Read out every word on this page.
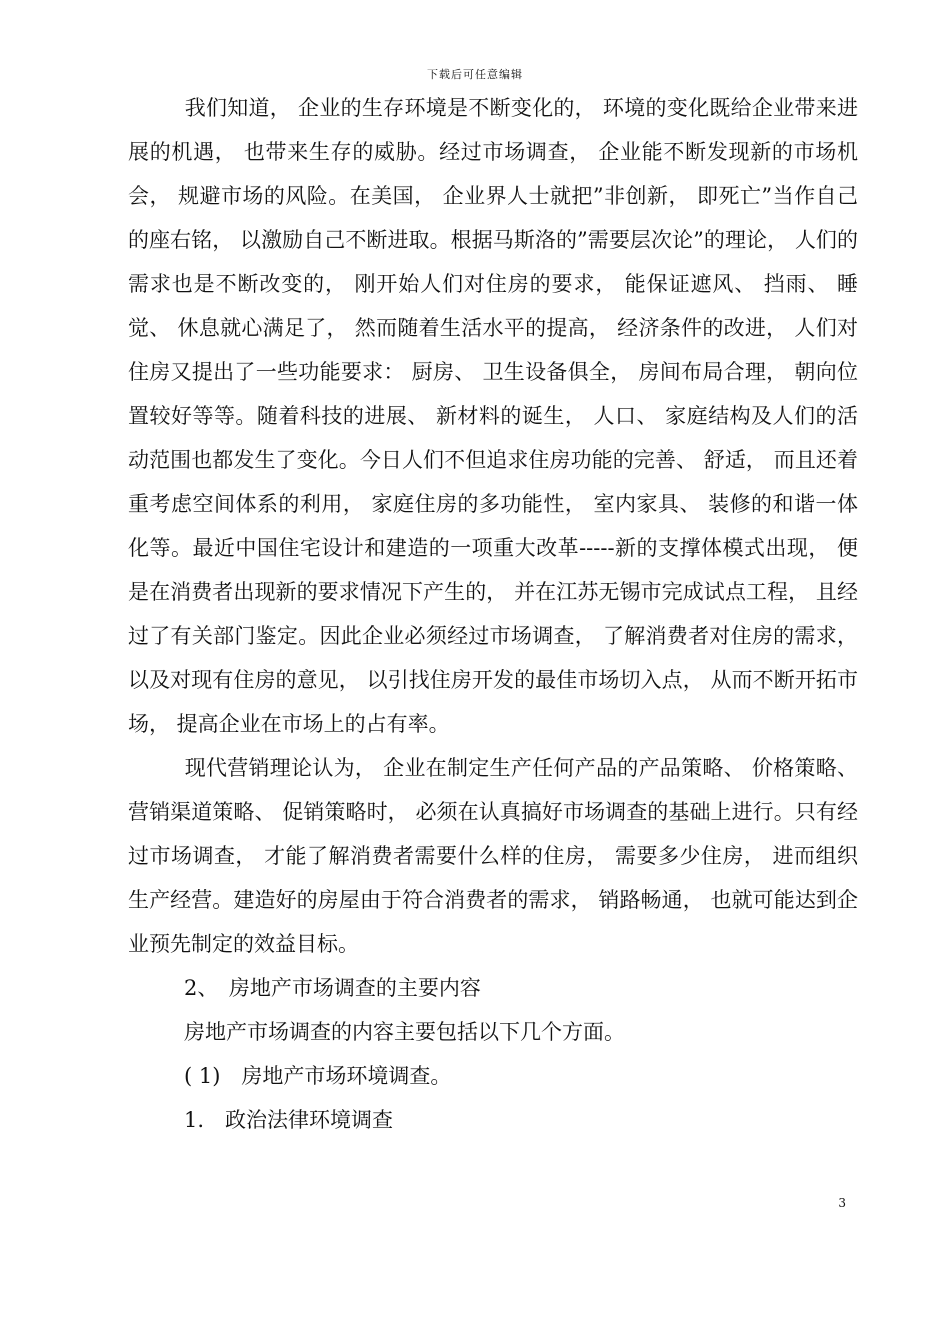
下载后可任意编辑

我们知道， 企业的生存环境是不断变化的， 环境的变化既给企业带来进展的机遇， 也带来生存的威胁。经过市场调查， 企业能不断发现新的市场机会， 规避市场的风险。在美国， 企业界人士就把”非创新， 即死亡”当作自己的座右铭， 以激励自己不断进取。根据马斯洛的”需要层次论”的理论， 人们的需求也是不断改变的， 刚开始人们对住房的要求， 能保证遮风、 挡雨、 睡觉、 休息就心满足了， 然而随着生活水平的提高， 经济条件的改进， 人们对住房又提出了一些功能要求： 厨房、 卫生设备俱全， 房间布局合理， 朝向位置较好等等。随着科技的进展、 新材料的诞生， 人口、 家庭结构及人们的活动范围也都发生了变化。今日人们不但追求住房功能的完善、 舒适， 而且还着重考虑空间体系的利用， 家庭住房的多功能性， 室内家具、 装修的和谐一体化等。最近中国住宅设计和建造的一项重大改革-----新的支撑体模式出现， 便是在消费者出现新的要求情况下产生的， 并在江苏无锡市完成试点工程， 且经过了有关部门鉴定。因此企业必须经过市场调查， 了解消费者对住房的需求， 以及对现有住房的意见， 以引找住房开发的最佳市场切入点， 从而不断开拓市场， 提高企业在市场上的占有率。

现代营销理论认为， 企业在制定生产任何产品的产品策略、 价格策略、 营销渠道策略、 促销策略时， 必须在认真搞好市场调查的基础上进行。只有经过市场调查， 才能了解消费者需要什么样的住房， 需要多少住房， 进而组织生产经营。建造好的房屋由于符合消费者的需求， 销路畅通， 也就可能达到企业预先制定的效益目标。

2、　房地产市场调查的主要内容
房地产市场调查的内容主要包括以下几个方面。
( 1)　房地产市场环境调查。
1.　政治法律环境调查
3
